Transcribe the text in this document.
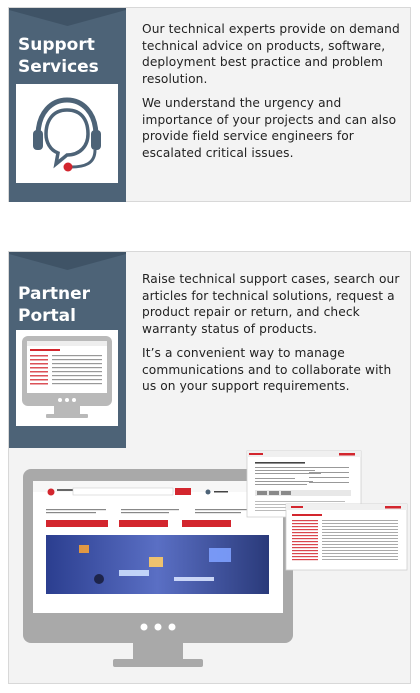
Support
Services

Our technical experts provide on demand technical advice on products, software, deployment best practice and problem resolution.

We understand the urgency and importance of your projects and can also provide field service engineers for escalated critical issues.

Partner
Portal

Raise technical support cases, search our articles for technical solutions, request a product repair or return, and check warranty status of products.

It’s a convenient way to manage communications and to collaborate with us on your support requirements.
